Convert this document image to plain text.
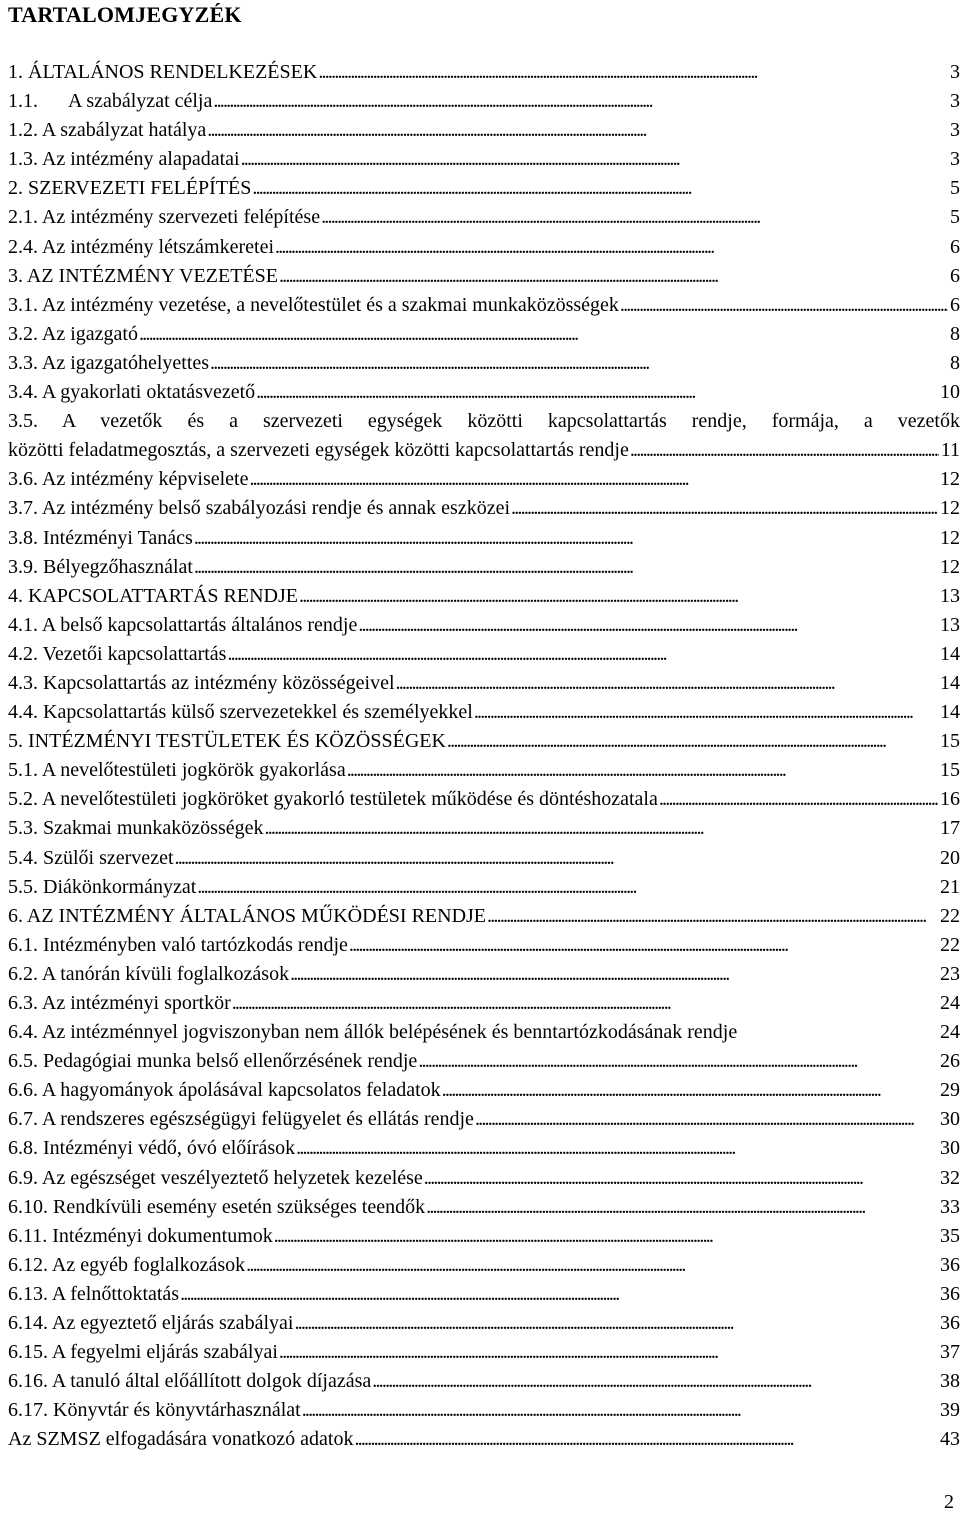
TARTALOMJEGYZÉK
1. ÁLTALÁNOS RENDELKEZÉSEK . . .	3
1.1.      A szabályzat célja . . .	3
1.2. A szabályzat hatálya . . .	3
1.3. Az intézmény alapadatai . . .	3
2. SZERVEZETI FELÉPÍTÉS . . .	5
2.1. Az intézmény szervezeti felépítése . . .	5
2.4. Az intézmény létszámkeretei . . .	6
3. AZ INTÉZMÉNY VEZETÉSE . . .	6
3.1. Az intézmény vezetése, a nevelőtestület és a szakmai munkaközösségek . . .	6
3.2. Az igazgató . . .	8
3.3. Az igazgatóhelyettes . . .	8
3.4. A gyakorlati oktatásvezető . . .	10
3.5. A vezetők és a szervezeti egységek közötti kapcsolattartás rendje, formája, a vezetők
közötti feladatmegosztás, a szervezeti egységek közötti kapcsolattartás rendje . . .	11
3.6. Az intézmény képviselete . . .	12
3.7. Az intézmény belső szabályozási rendje és annak eszközei . . .	12
3.8. Intézményi Tanács . . .	12
3.9. Bélyegzőhasználat . . .	12
4. KAPCSOLATTARTÁS RENDJE . . .	13
4.1. A belső kapcsolattartás általános rendje . . .	13
4.2. Vezetői kapcsolattartás . . .	14
4.3. Kapcsolattartás az intézmény közösségeivel . . .	14
4.4. Kapcsolattartás külső szervezetekkel és személyekkel . . .	14
5. INTÉZMÉNYI TESTÜLETEK ÉS KÖZÖSSÉGEK . . .	15
5.1. A nevelőtestületi jogkörök gyakorlása . . .	15
5.2. A nevelőtestületi jogköröket gyakorló testületek működése és döntéshozatala . . .	16
5.3. Szakmai munkaközösségek . . .	17
5.4. Szülői szervezet . . .	20
5.5. Diákönkormányzat . . .	21
6. AZ INTÉZMÉNY ÁLTALÁNOS MŰKÖDÉSI RENDJE . . .	22
6.1. Intézményben való tartózkodás rendje . . .	22
6.2. A tanórán kívüli foglalkozások . . .	23
6.3. Az intézményi sportkör . . .	24
6.4. Az intézménnyel jogviszonyban nem állók belépésének és benntartózkodásának rendje	24
6.5. Pedagógiai munka belső ellenőrzésének rendje . . .	26
6.6. A hagyományok ápolásával kapcsolatos feladatok . . .	29
6.7. A rendszeres egészségügyi felügyelet és ellátás rendje . . .	30
6.8. Intézményi védő, óvó előírások . . .	30
6.9. Az egészséget veszélyeztető helyzetek kezelése . . .	32
6.10. Rendkívüli esemény esetén szükséges teendők . . .	33
6.11. Intézményi dokumentumok . . .	35
6.12. Az egyéb foglalkozások . . .	36
6.13. A felnőttoktatás . . .	36
6.14. Az egyeztető eljárás szabályai . . .	36
6.15. A fegyelmi eljárás szabályai . . .	37
6.16. A tanuló által előállított dolgok díjazása . . .	38
6.17. Könyvtár és könyvtárhasználat . . .	39
Az SZMSZ elfogadására vonatkozó adatok . . .	43
2
